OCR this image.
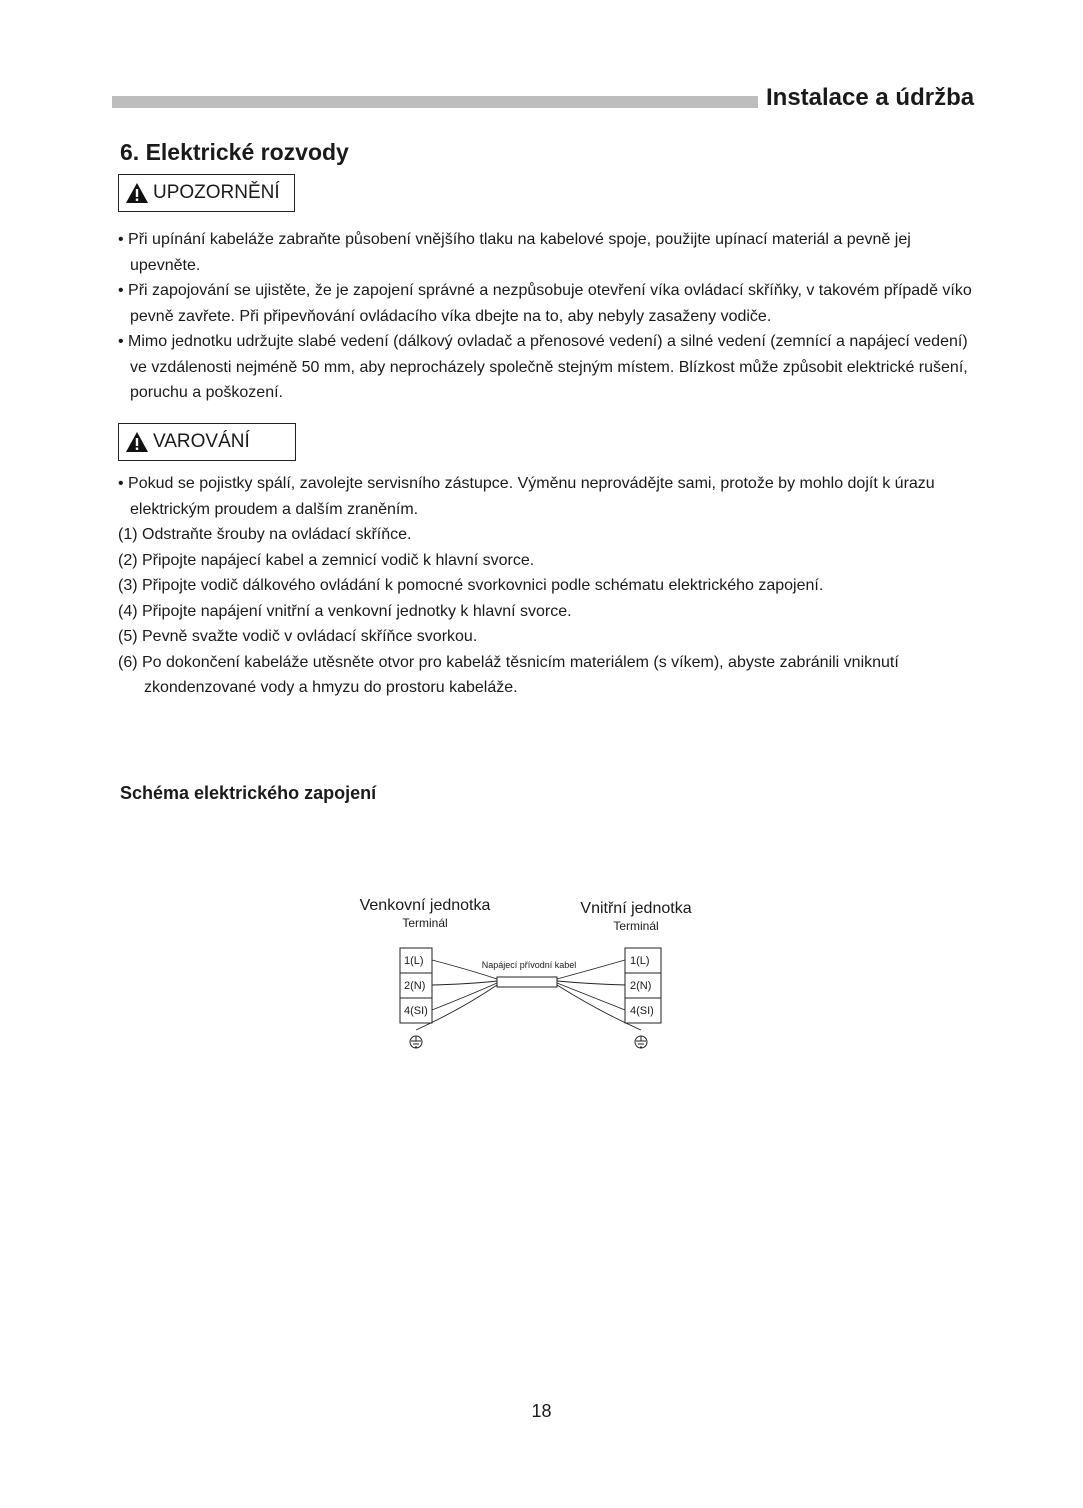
Instalace a údržba
6. Elektrické rozvody
UPOZORNĚNÍ

• Při upínání kabeláže zabraňte působení vnějšího tlaku na kabelové spoje, použijte upínací materiál a pevně jej upevněte.

• Při zapojování se ujistěte, že je zapojení správné a nezpůsobuje otevření víka ovládací skříňky, v takovém případě víko pevně zavřete. Při připevňování ovládacího víka dbejte na to, aby nebyly zasaženy vodiče.

• Mimo jednotku udržujte slabé vedení (dálkový ovladač a přenosové vedení) a silné vedení (zemnící a napájecí vedení) ve vzdálenosti nejméně 50 mm, aby neprocházely společně stejným místem. Blízkost může způsobit elektrické rušení, poruchu a poškození.

VAROVÁNÍ

• Pokud se pojistky spálí, zavolejte servisního zástupce. Výměnu neprovádějte sami, protože by mohlo dojít k úrazu elektrickým proudem a dalším zraněním.

(1) Odstraňte šrouby na ovládací skříňce.

(2) Připojte napájecí kabel a zemnicí vodič k hlavní svorce.

(3) Připojte vodič dálkového ovládání k pomocné svorkovnici podle schématu elektrického zapojení.

(4) Připojte napájení vnitřní a venkovní jednotky k hlavní svorce.

(5) Pevně svažte vodič v ovládací skříňce svorkou.

(6) Po dokončení kabeláže utěsněte otvor pro kabeláž těsnicím materiálem (s víkem), abyste zabránili vniknutí zkondenzované vody a hmyzu do prostoru kabeláže.

Schéma elektrického zapojení
Venkovní jednotka
Terminál
Vnitřní jednotka
Terminál
1(L)
2(N)
4(SI)
1(L)
2(N)
4(SI)
Napájecí přívodní kabel
18
